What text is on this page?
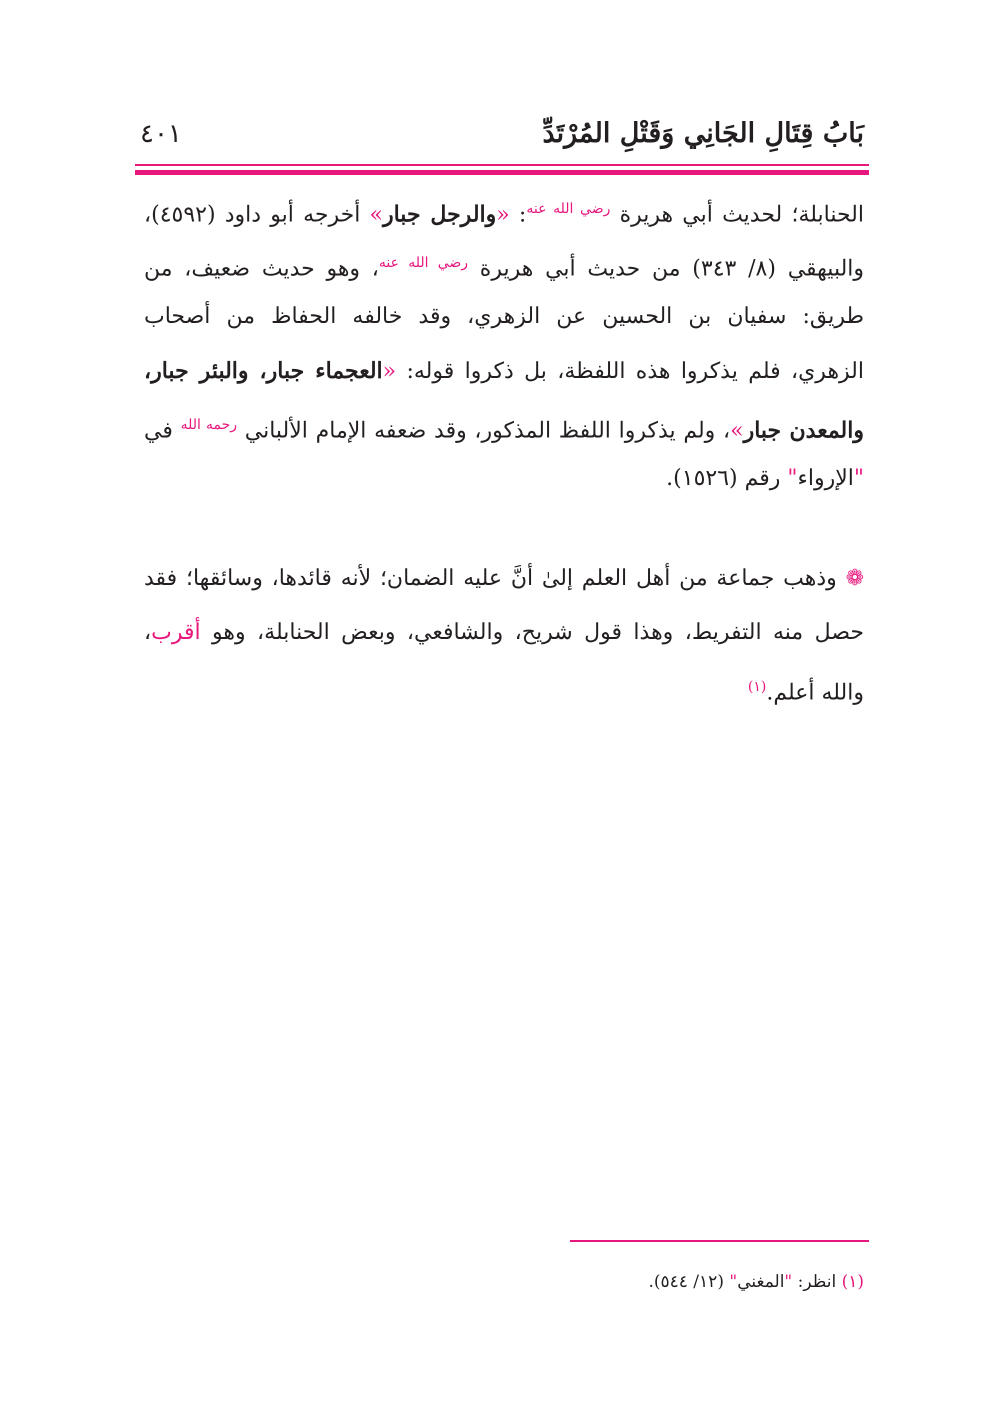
بَابُ قِتَالِ الجَانِي وَقَتْلِ المُرْتَدِّ
٤٠١
الحنابلة؛ لحديث أبي هريرة $^{رضي الله عنه}$: «والرجل جبار» أخرجه أبو داود (٤٥٩٢)،
والبيهقي (٨/ ٣٤٣) من حديث أبي هريرة $^{رضي الله عنه}$، وهو حديث ضعيف، من
طريق: سفيان بن الحسين عن الزهري، وقد خالفه الحفاظ من أصحاب
الزهري، فلم يذكروا هذه اللفظة، بل ذكروا قوله: «العجماء جبار، والبئر جبار،
والمعدن جبار»، ولم يذكروا اللفظ المذكور، وقد ضعفه الإمام الألباني $^{رحمه الله}$ في
"الإرواء" رقم (١٥٢٦).
❁ وذهب جماعة من أهل العلم إلىٰ أنَّ عليه الضمان؛ لأنه قائدها، وسائقها؛ فقد
حصل منه التفريط، وهذا قول شريح، والشافعي، وبعض الحنابلة، وهو أقرب،
والله أعلم.$^{(١)}$
(١) انظر: "المغني" (١٢/ ٥٤٤).
